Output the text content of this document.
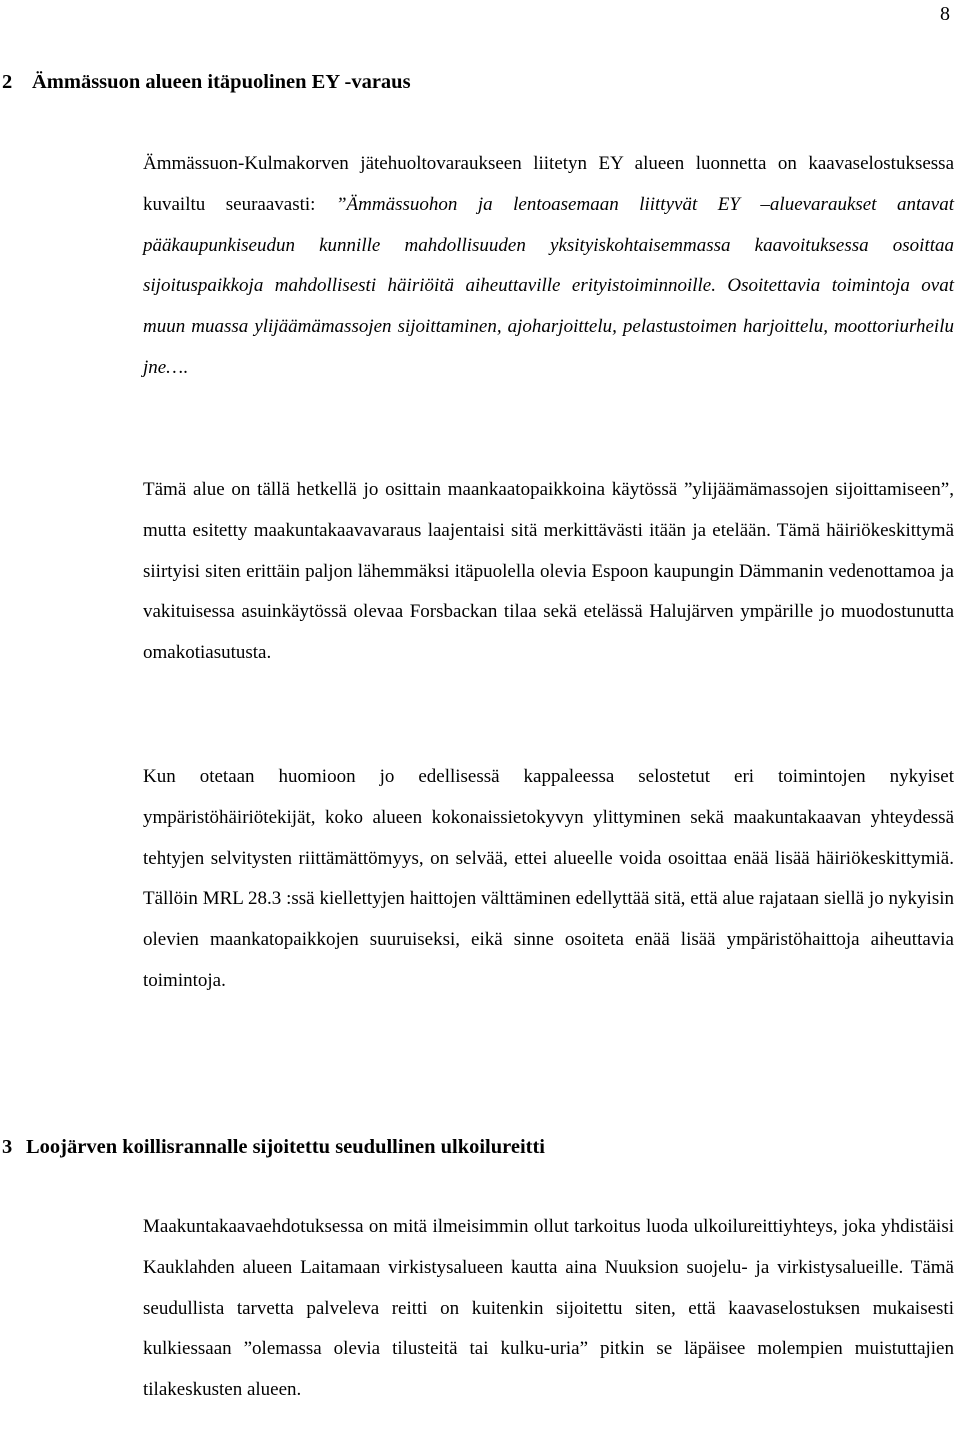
8
2 Ämmässuon alueen itäpuolinen EY -varaus

Ämmässuon-Kulmakorven jätehuoltovaraukseen liitetyn EY alueen luonnetta on kaavaselostuksessa kuvailtu seuraavasti: ”Ämmässuohon ja lentoasemaan liittyvät EY –aluevaraukset antavat pääkaupunkiseudun kunnille mahdollisuuden yksityiskohtaisemmassa kaavoituksessa osoittaa sijoituspaikkoja mahdollisesti häiriöitä aiheuttaville erityistoiminnoille. Osoitettavia toimintoja ovat muun muassa ylijäämämassojen sijoittaminen, ajoharjoittelu, pelastustoimen harjoittelu, moottoriurheilu jne….

Tämä alue on tällä hetkellä jo osittain maankaatopaikkoina käytössä ”ylijäämämassojen sijoittamiseen”, mutta esitetty maakuntakaavavaraus laajentaisi sitä merkittävästi itään ja etelään. Tämä häiriökeskittymä siirtyisi siten erittäin paljon lähemmäksi itäpuolella olevia Espoon kaupungin Dämmanin vedenottamoa ja vakituisessa asuinkäytössä olevaa Forsbackan tilaa sekä etelässä Halujärven ympärille jo muodostunutta omakotiasutusta.

Kun otetaan huomioon jo edellisessä kappaleessa selostetut eri toimintojen nykyiset ympäristöhäiriötekijät, koko alueen kokonaissietokyvyn ylittyminen sekä maakuntakaavan yhteydessä tehtyjen selvitysten riittämättömyys, on selvää, ettei alueelle voida osoittaa enää lisää häiriökeskittymiä. Tällöin MRL 28.3 :ssä kiellettyjen haittojen välttäminen edellyttää sitä, että alue rajataan siellä jo nykyisin olevien maankatopaikkojen suuruiseksi, eikä sinne osoiteta enää lisää ympäristöhaittoja aiheuttavia toimintoja.

3 Loojärven koillisrannalle sijoitettu seudullinen ulkoilureitti

Maakuntakaavaehdotuksessa on mitä ilmeisimmin ollut tarkoitus luoda ulkoilureittiyhteys, joka yhdistäisi Kauklahden alueen Laitamaan virkistysalueen kautta aina Nuuksion suojelu- ja virkistysalueille. Tämä seudullista tarvetta palveleva reitti on kuitenkin sijoitettu siten, että kaavaselostuksen mukaisesti kulkiessaan ”olemassa olevia tilusteitä tai kulku-uria” pitkin se läpäisee molempien muistuttajien tilakeskusten alueen.
